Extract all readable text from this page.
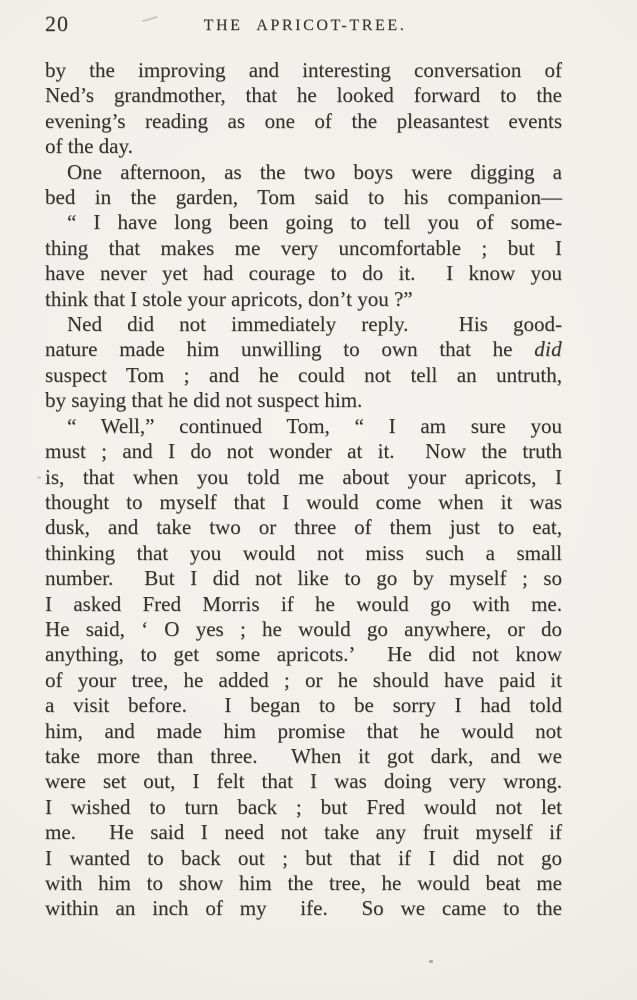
20	THE APRICOT-TREE.
by the improving and interesting conversation of
Ned’s grandmother, that he looked forward to the
evening’s reading as one of the pleasantest events
of the day.
One afternoon, as the two boys were digging a
bed in the garden, Tom said to his companion—
“ I have long been going to tell you of some-
thing that makes me very uncomfortable ; but I
have never yet had courage to do it.  I know you
think that I stole your apricots, don’t you ?”
Ned did not immediately reply.  His good-
nature made him unwilling to own that he did
suspect Tom ; and he could not tell an untruth,
by saying that he did not suspect him.
“ Well,” continued Tom, “ I am sure you
must ; and I do not wonder at it.  Now the truth
is, that when you told me about your apricots, I
thought to myself that I would come when it was
dusk, and take two or three of them just to eat,
thinking that you would not miss such a small
number.  But I did not like to go by myself ; so
I asked Fred Morris if he would go with me.
He said, ‘ O yes ; he would go anywhere, or do
anything, to get some apricots.’  He did not know
of your tree, he added ; or he should have paid it
a visit before.  I began to be sorry I had told
him, and made him promise that he would not
take more than three.  When it got dark, and we
were set out, I felt that I was doing very wrong.
I wished to turn back ; but Fred would not let
me.  He said I need not take any fruit myself if
I wanted to back out ; but that if I did not go
with him to show him the tree, he would beat me
within an inch of my  ife.  So we came to the
